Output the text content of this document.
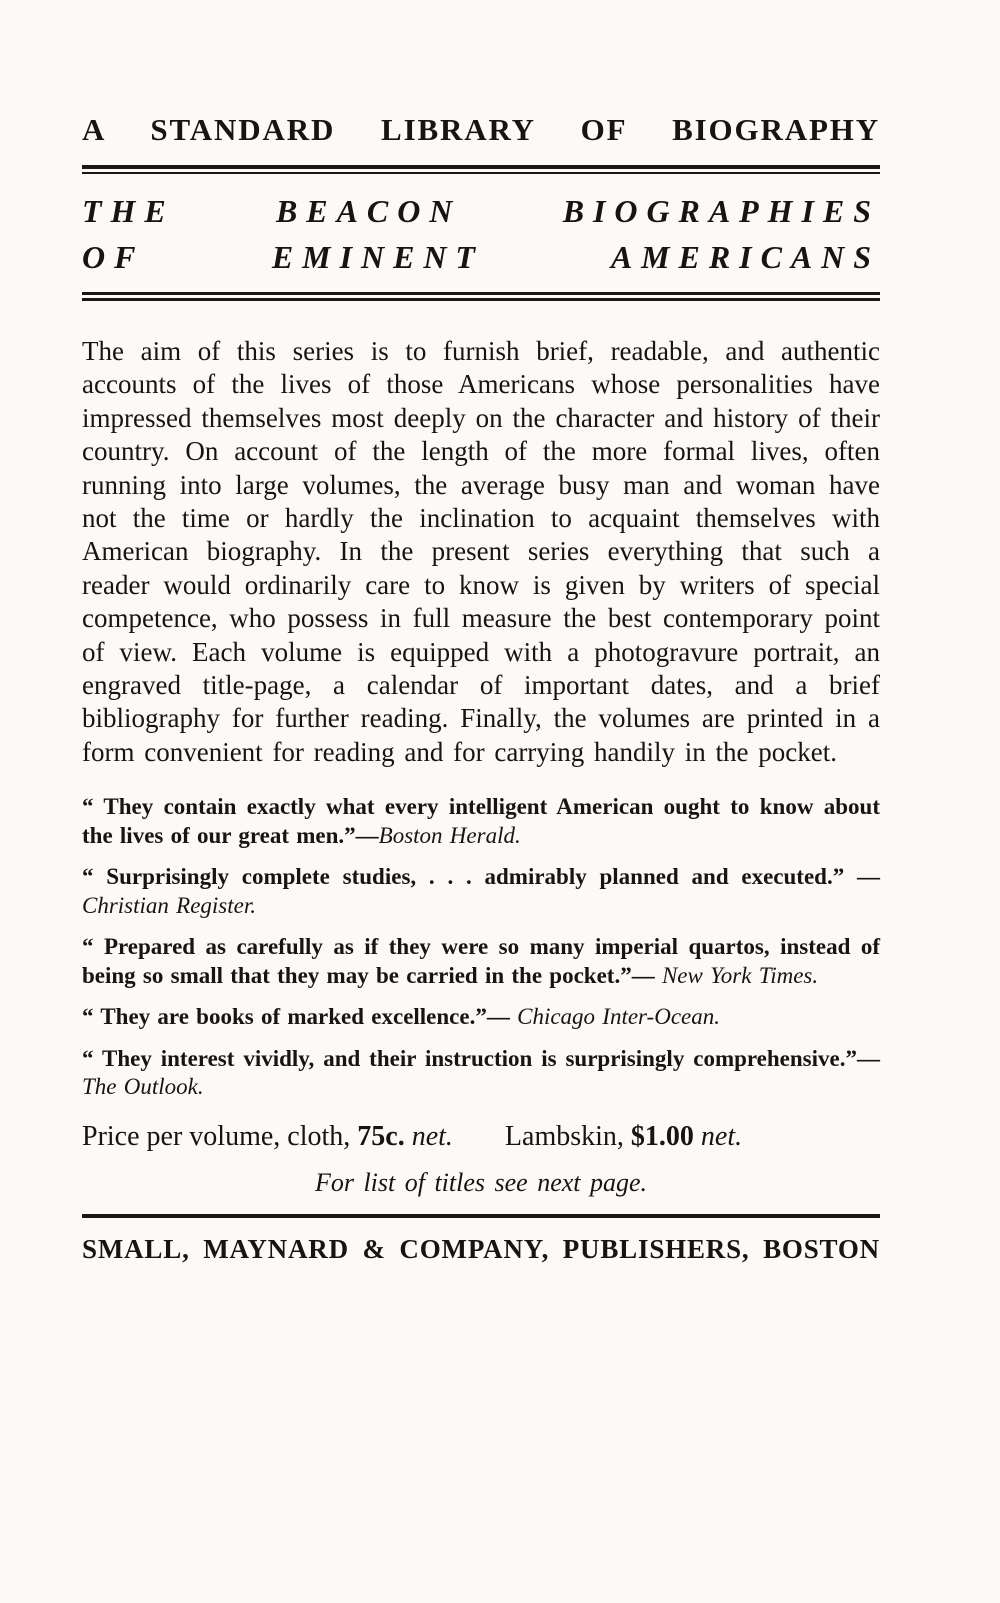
A STANDARD LIBRARY OF BIOGRAPHY
THE BEACON BIOGRAPHIES
OF EMINENT AMERICANS

The aim of this series is to furnish brief, readable, and authentic accounts of the lives of those Americans whose personalities have impressed themselves most deeply on the character and history of their country. On account of the length of the more formal lives, often running into large volumes, the average busy man and woman have not the time or hardly the inclination to acquaint themselves with American biography. In the present series everything that such a reader would ordinarily care to know is given by writers of special competence, who possess in full measure the best contemporary point of view. Each volume is equipped with a photogravure portrait, an engraved title-page, a calendar of important dates, and a brief bibliography for further reading. Finally, the volumes are printed in a form convenient for reading and for carrying handily in the pocket.

“ They contain exactly what every intelligent American ought to know about the lives of our great men.”—Boston Herald.

“ Surprisingly complete studies, . . . admirably planned and executed.” — Christian Register.

“ Prepared as carefully as if they were so many imperial quartos, instead of being so small that they may be carried in the pocket.”— New York Times.

“ They are books of marked excellence.”— Chicago Inter-Ocean.

“ They interest vividly, and their instruction is surprisingly comprehensive.”— The Outlook.

Price per volume, cloth, 75c. net. Lambskin, $1.00 net.

For list of titles see next page.

SMALL, MAYNARD & COMPANY, PUBLISHERS, BOSTON
